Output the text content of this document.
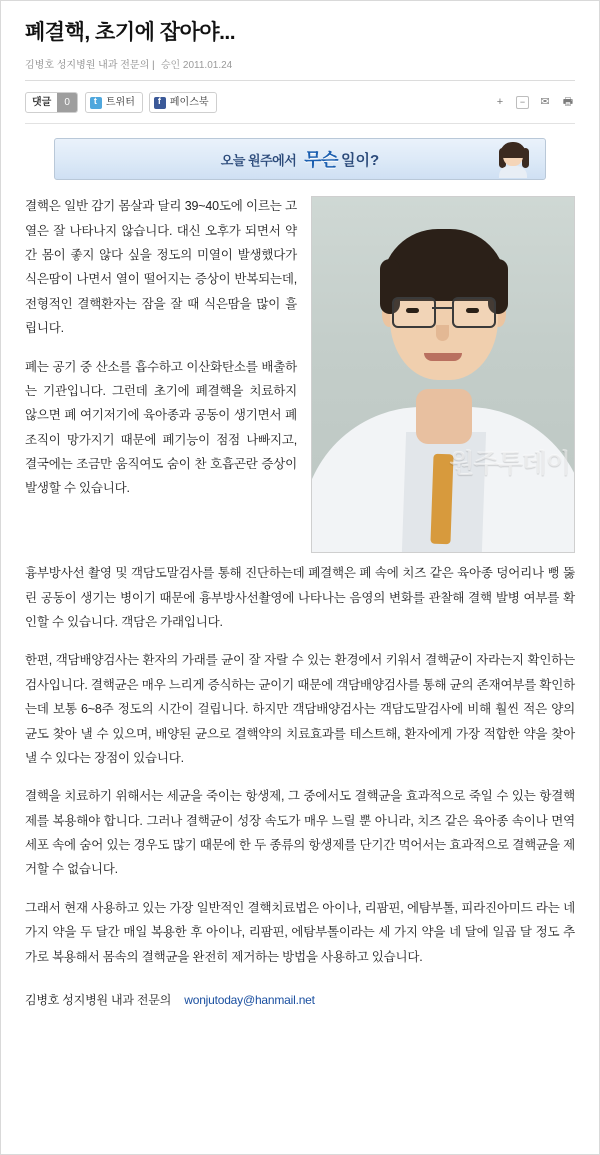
폐결핵, 초기에 잡아야...
김병호 성지병원 내과 전문의 | 승인 2011.01.24
댓글	0 t	트위터 f	페이스북	+	−	✉ 🖶
오늘 원주에서 무슨 일이?
원주투데이

결핵은 일반 감기 몸살과 달리 39~40도에 이르는 고열은 잘 나타나지 않습니다. 대신 오후가 되면서 약간 몸이 좋지 않다 싶을 정도의 미열이 발생했다가 식은땀이 나면서 열이 떨어지는 증상이 반복되는데, 전형적인 결핵환자는 잠을 잘 때 식은땀을 많이 흘립니다.

폐는 공기 중 산소를 흡수하고 이산화탄소를 배출하는 기관입니다. 그런데 초기에 폐결핵을 치료하지 않으면 폐 여기저기에 육아종과 공동이 생기면서 폐조직이 망가지기 때문에 폐기능이 점점 나빠지고, 결국에는 조금만 움직여도 숨이 찬 호흡곤란 증상이 발생할 수 있습니다.

흉부방사선 촬영 및 객담도말검사를 통해 진단하는데 폐결핵은 폐 속에 치즈 같은 육아종 덩어리나 뻥 뚫린 공동이 생기는 병이기 때문에 흉부방사선촬영에 나타나는 음영의 변화를 관찰해 결핵 발병 여부를 확인할 수 있습니다. 객담은 가래입니다.

한편, 객담배양검사는 환자의 가래를 균이 잘 자랄 수 있는 환경에서 키워서 결핵균이 자라는지 확인하는 검사입니다. 결핵균은 매우 느리게 증식하는 균이기 때문에 객담배양검사를 통해 균의 존재여부를 확인하는데 보통 6~8주 정도의 시간이 걸립니다. 하지만 객담배양검사는 객담도말검사에 비해 훨씬 적은 양의 균도 찾아 낼 수 있으며, 배양된 균으로 결핵약의 치료효과를 테스트해, 환자에게 가장 적합한 약을 찾아 낼 수 있다는 장점이 있습니다.

결핵을 치료하기 위해서는 세균을 죽이는 항생제, 그 중에서도 결핵균을 효과적으로 죽일 수 있는 항결핵제를 복용해야 합니다. 그러나 결핵균이 성장 속도가 매우 느릴 뿐 아니라, 치즈 같은 육아종 속이나 면역세포 속에 숨어 있는 경우도 많기 때문에 한 두 종류의 항생제를 단기간 먹어서는 효과적으로 결핵균을 제거할 수 없습니다.

그래서 현재 사용하고 있는 가장 일반적인 결핵치료법은 아이나, 리팜핀, 에탐부톨, 피라진아미드 라는 네 가지 약을 두 달간 매일 복용한 후 아이나, 리팜핀, 에탐부톨이라는 세 가지 약을 네 달에 일곱 달 정도 추가로 복용해서 몸속의 결핵균을 완전히 제거하는 방법을 사용하고 있습니다.

김병호 성지병원 내과 전문의 wonjutoday@hanmail.net
